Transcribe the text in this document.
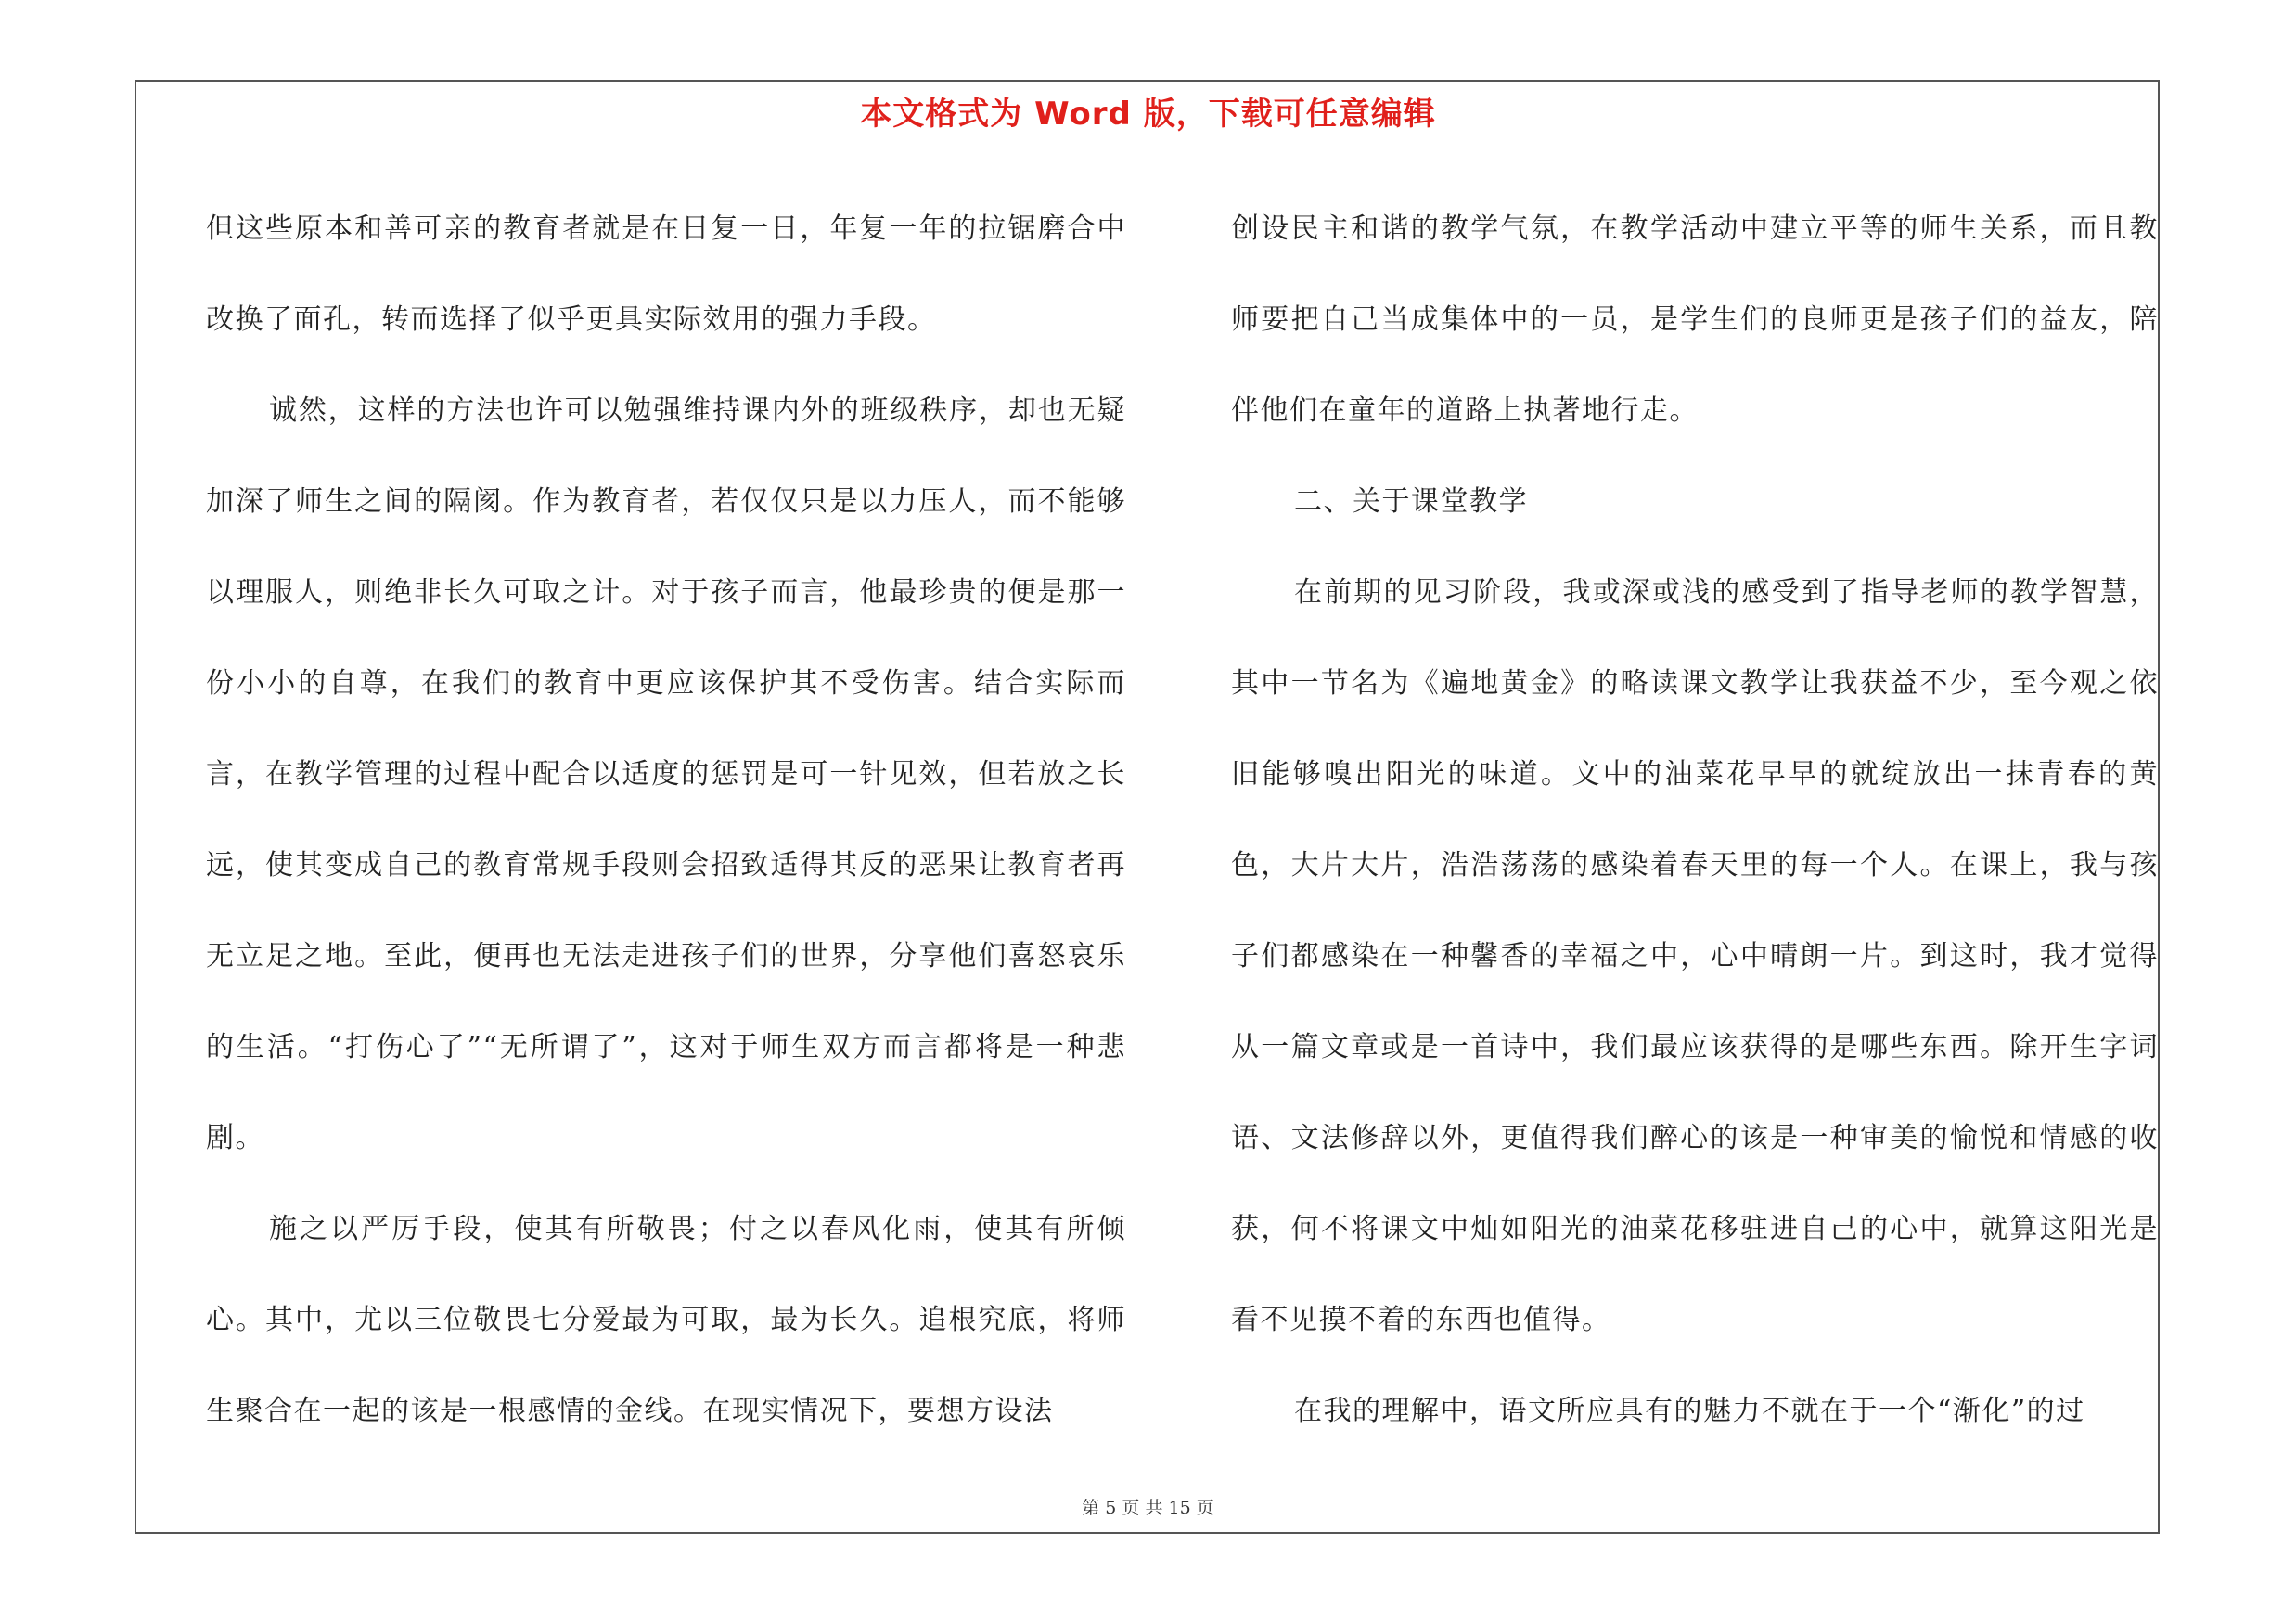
本文格式为 Word 版，下载可任意编辑

但这些原本和善可亲的教育者就是在日复一日，年复一年的拉锯磨合中改换了面孔，转而选择了似乎更具实际效用的强力手段。

诚然，这样的方法也许可以勉强维持课内外的班级秩序，却也无疑加深了师生之间的隔阂。作为教育者，若仅仅只是以力压人，而不能够以理服人，则绝非长久可取之计。对于孩子而言，他最珍贵的便是那一份小小的自尊，在我们的教育中更应该保护其不受伤害。结合实际而言，在教学管理的过程中配合以适度的惩罚是可一针见效，但若放之长远，使其变成自己的教育常规手段则会招致适得其反的恶果让教育者再无立足之地。至此，便再也无法走进孩子们的世界，分享他们喜怒哀乐的生活。“打伤心了”“无所谓了”，这对于师生双方而言都将是一种悲剧。

施之以严厉手段，使其有所敬畏；付之以春风化雨，使其有所倾心。其中，尤以三位敬畏七分爱最为可取，最为长久。追根究底，将师生聚合在一起的该是一根感情的金线。在现实情况下，要想方设法

创设民主和谐的教学气氛，在教学活动中建立平等的师生关系，而且教师要把自己当成集体中的一员，是学生们的良师更是孩子们的益友，陪伴他们在童年的道路上执著地行走。

二、关于课堂教学

在前期的见习阶段，我或深或浅的感受到了指导老师的教学智慧，其中一节名为《遍地黄金》的略读课文教学让我获益不少，至今观之依旧能够嗅出阳光的味道。文中的油菜花早早的就绽放出一抹青春的黄色，大片大片，浩浩荡荡的感染着春天里的每一个人。在课上，我与孩子们都感染在一种馨香的幸福之中，心中晴朗一片。到这时，我才觉得从一篇文章或是一首诗中，我们最应该获得的是哪些东西。除开生字词语、文法修辞以外，更值得我们醉心的该是一种审美的愉悦和情感的收获，何不将课文中灿如阳光的油菜花移驻进自己的心中，就算这阳光是看不见摸不着的东西也值得。

在我的理解中，语文所应具有的魅力不就在于一个“渐化”的过

第 5 页 共 15 页
